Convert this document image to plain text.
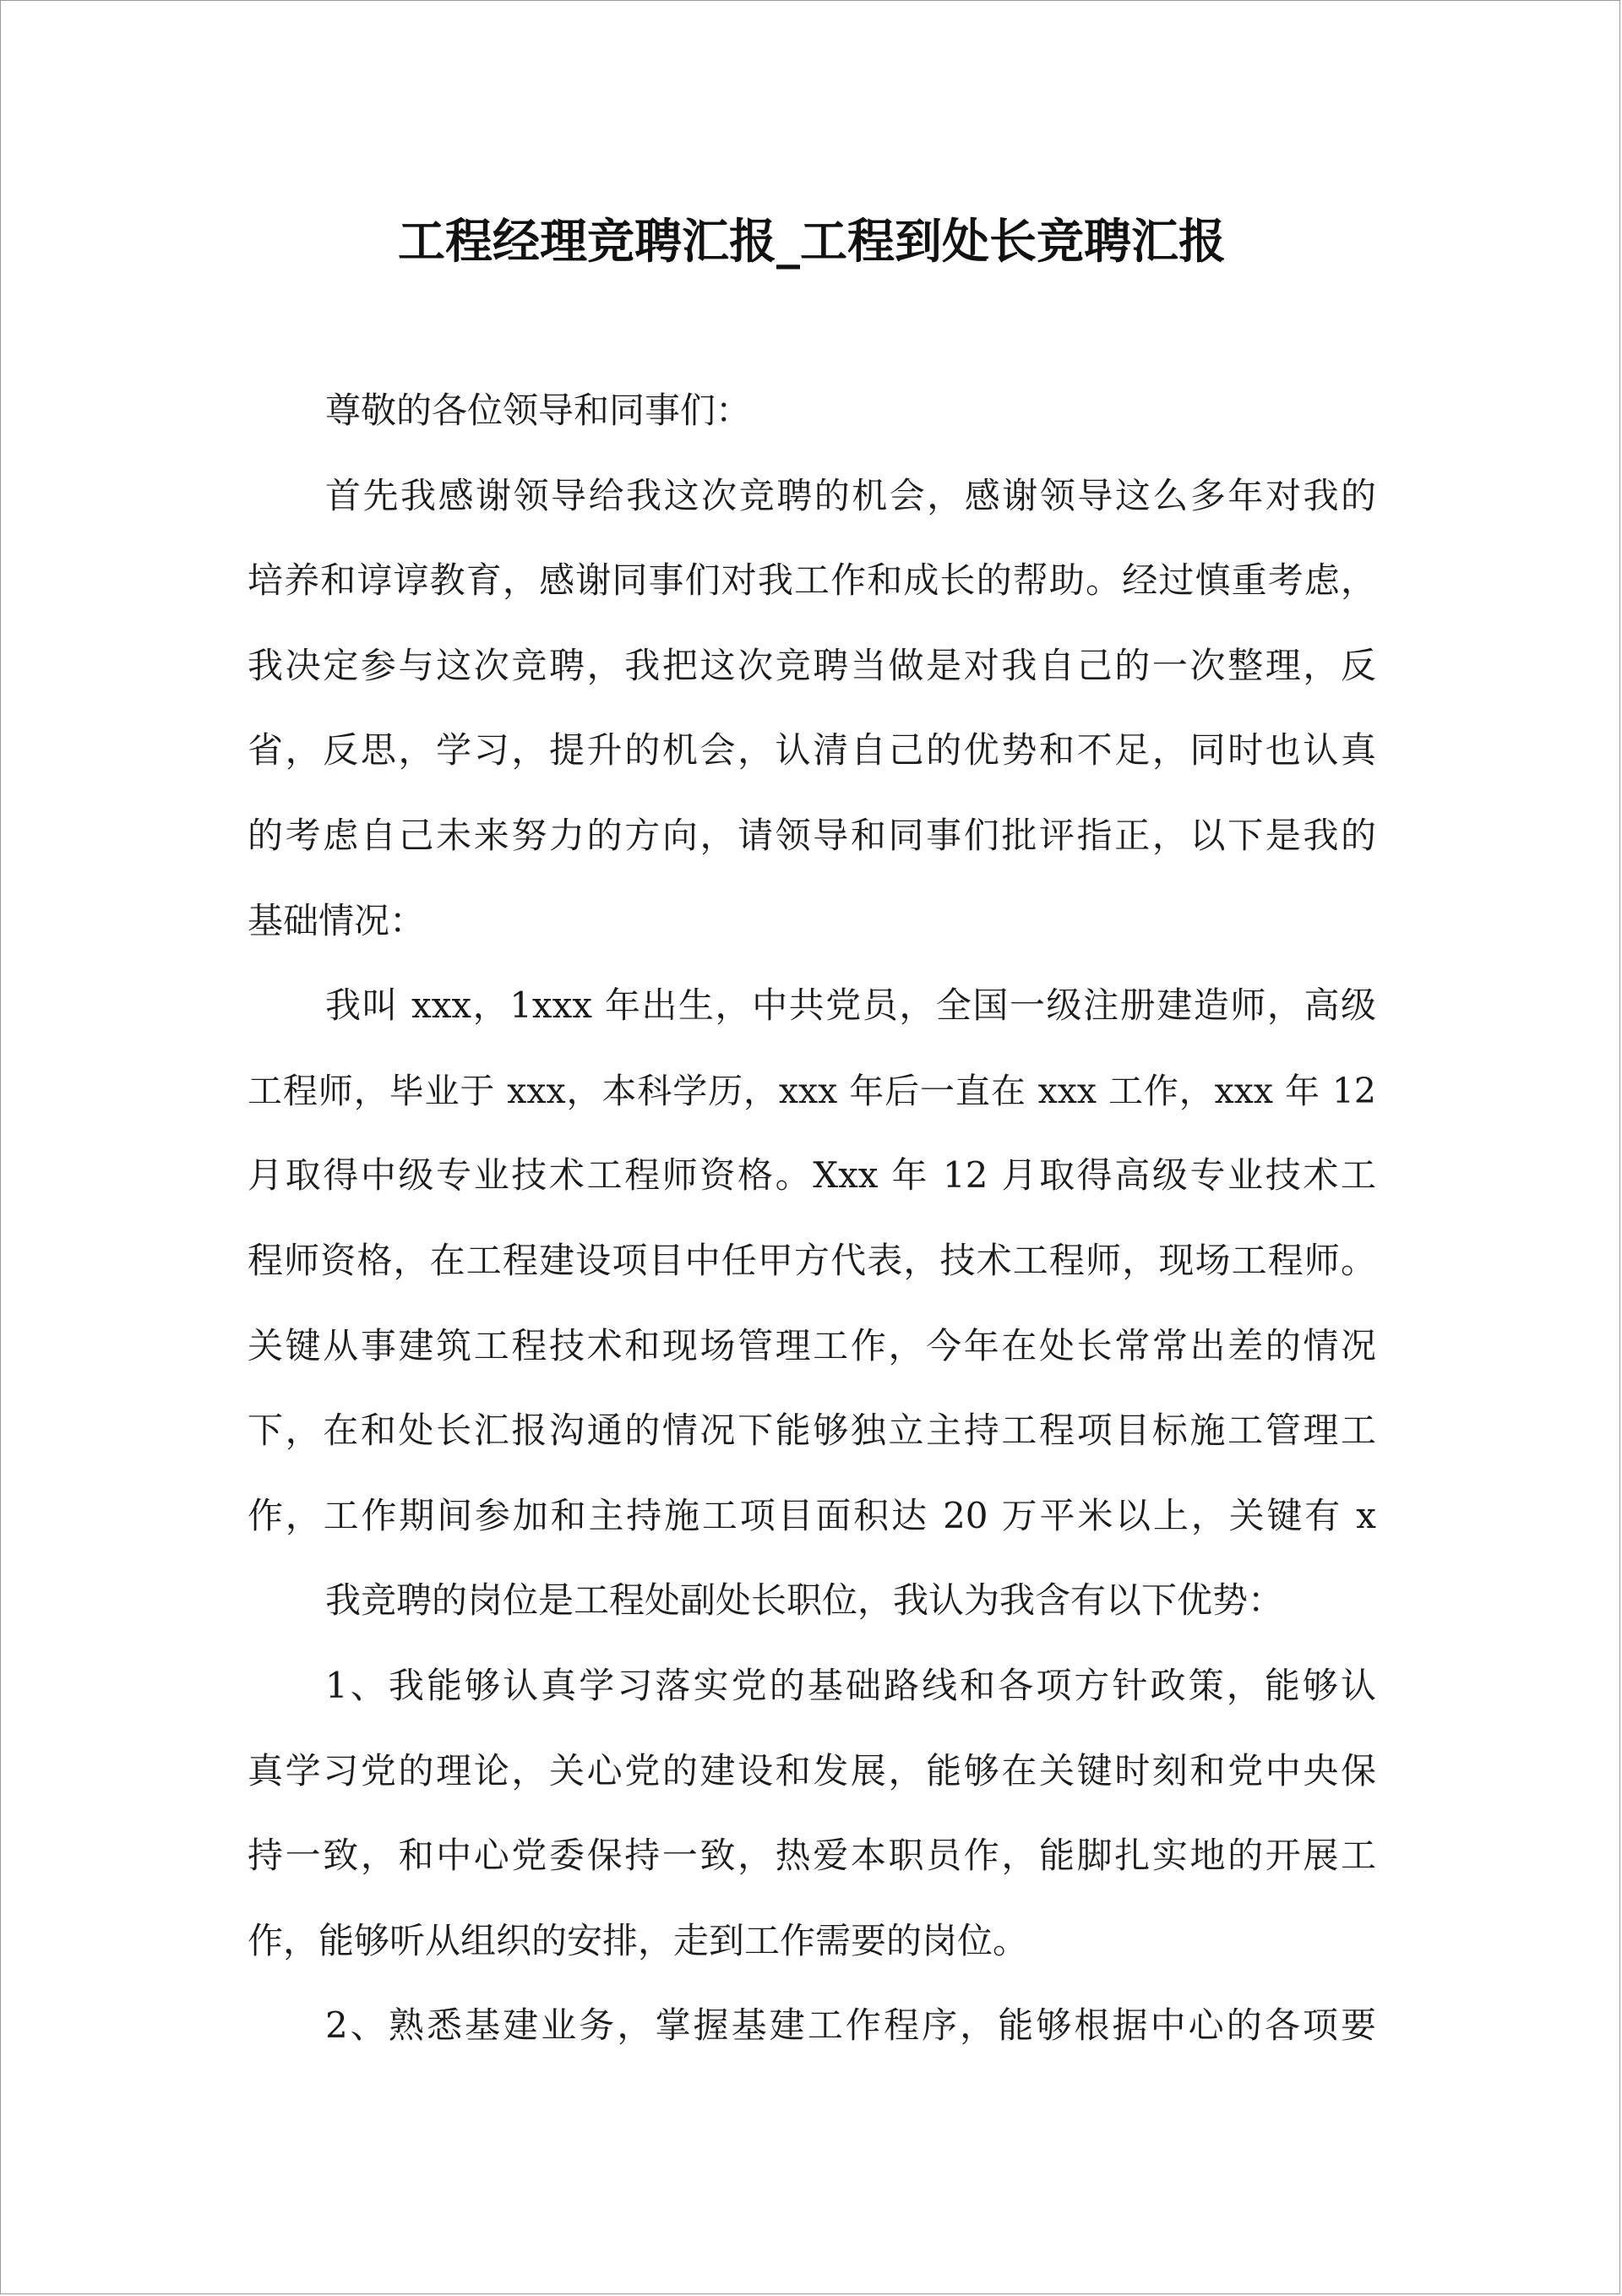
工程经理竞聘汇报_工程到处长竞聘汇报
尊敬的各位领导和同事们：
首先我感谢领导给我这次竞聘的机会，感谢领导这么多年对我的
培养和谆谆教育，感谢同事们对我工作和成长的帮助。经过慎重考虑，
我决定参与这次竞聘，我把这次竞聘当做是对我自己的一次整理，反
省，反思，学习，提升的机会，认清自己的优势和不足，同时也认真
的考虑自己未来努力的方向，请领导和同事们批评指正，以下是我的
基础情况：
我叫 xxx，1xxx 年出生，中共党员，全国一级注册建造师，高级
工程师，毕业于 xxx，本科学历，xxx 年后一直在 xxx 工作，xxx 年 12
月取得中级专业技术工程师资格。Xxx 年 12 月取得高级专业技术工
程师资格，在工程建设项目中任甲方代表，技术工程师，现场工程师。
关键从事建筑工程技术和现场管理工作，今年在处长常常出差的情况
下，在和处长汇报沟通的情况下能够独立主持工程项目标施工管理工
作，工作期间参加和主持施工项目面积达 20 万平米以上，关键有 x
我竞聘的岗位是工程处副处长职位，我认为我含有以下优势：
1、我能够认真学习落实党的基础路线和各项方针政策，能够认
真学习党的理论，关心党的建设和发展，能够在关键时刻和党中央保
持一致，和中心党委保持一致，热爱本职员作，能脚扎实地的开展工
作，能够听从组织的安排，走到工作需要的岗位。
2、熟悉基建业务，掌握基建工作程序，能够根据中心的各项要
